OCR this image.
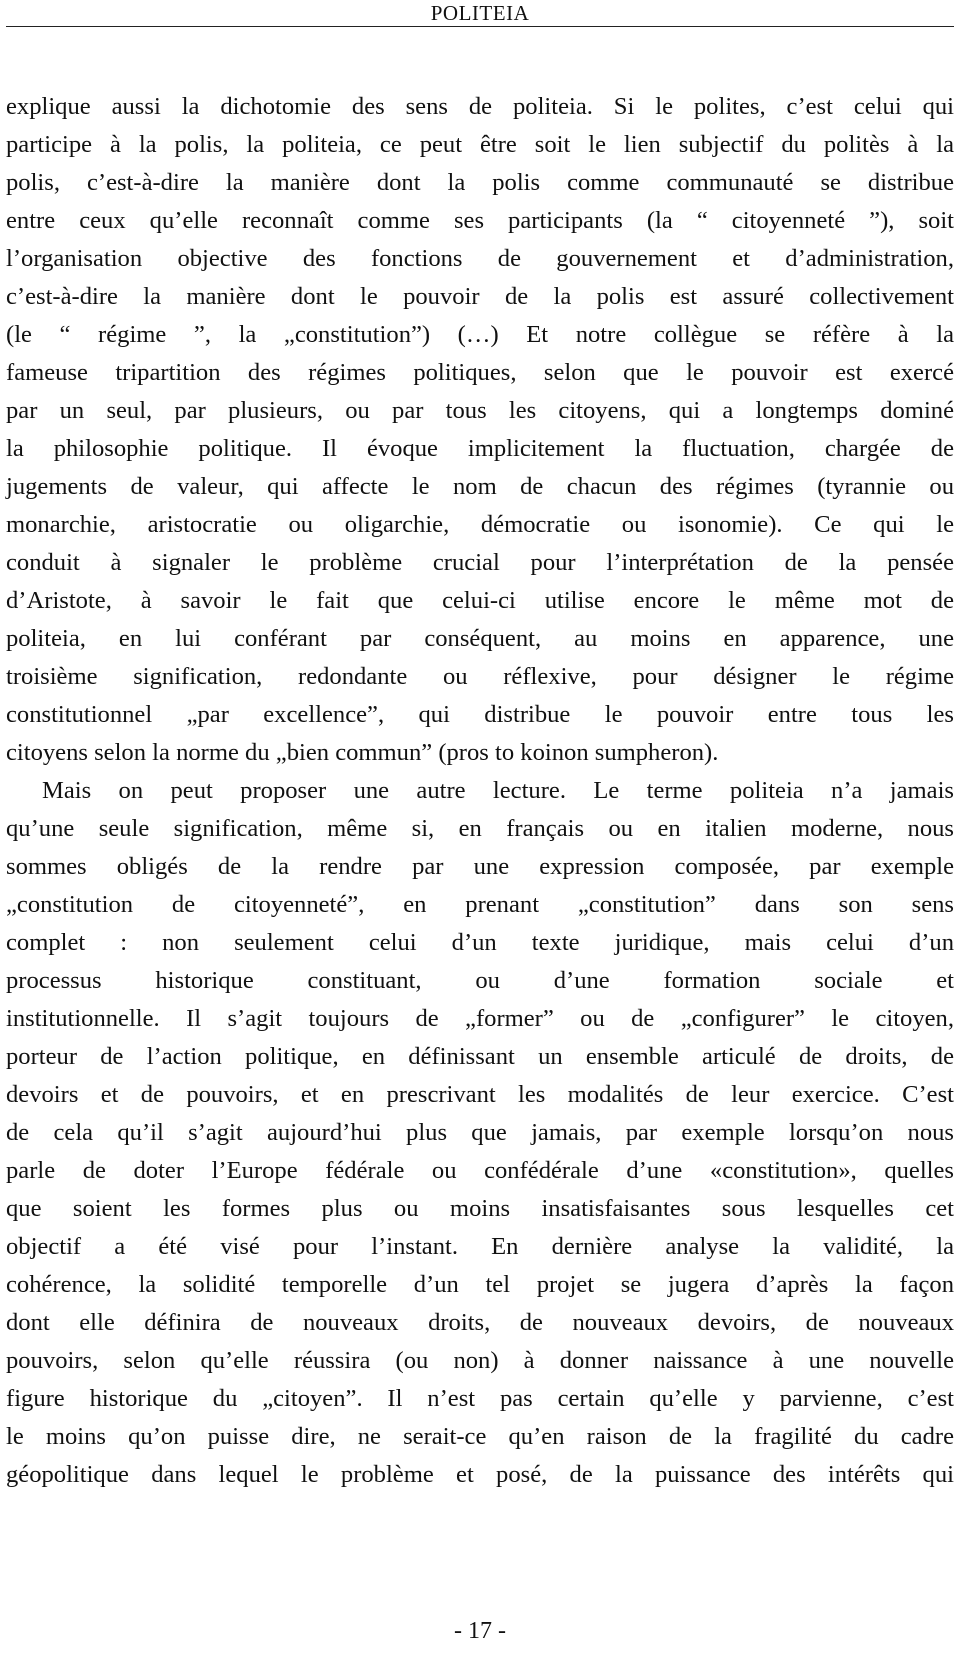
POLITEIA
explique aussi la dichotomie des sens de politeia. Si le polites, c’est celui qui
participe à la polis, la politeia, ce peut être soit le lien subjectif du politès à la
polis, c’est-à-dire la manière dont la polis comme communauté se distribue
entre ceux qu’elle reconnaît comme ses participants (la “ citoyenneté ”), soit
l’organisation objective des fonctions de gouvernement et d’administration,
c’est-à-dire la manière dont le pouvoir de la polis est assuré collectivement
(le “ régime ”, la „constitution”) (…) Et notre collègue se réfère à la
fameuse tripartition des régimes politiques, selon que le pouvoir est exercé
par un seul, par plusieurs, ou par tous les citoyens, qui a longtemps dominé
la philosophie politique. Il évoque implicitement la fluctuation, chargée de
jugements de valeur, qui affecte le nom de chacun des régimes (tyrannie ou
monarchie, aristocratie ou oligarchie, démocratie ou isonomie). Ce qui le
conduit à signaler le problème crucial pour l’interprétation de la pensée
d’Aristote, à savoir le fait que celui-ci utilise encore le même mot de
politeia, en lui conférant par conséquent, au moins en apparence, une
troisième signification, redondante ou réflexive, pour désigner le régime
constitutionnel „par excellence”, qui distribue le pouvoir entre tous les
citoyens selon la norme du „bien commun” (pros to koinon sumpheron).
Mais on peut proposer une autre lecture. Le terme politeia n’a jamais
qu’une seule signification, même si, en français ou en italien moderne, nous
sommes obligés de la rendre par une expression composée, par exemple
„constitution de citoyenneté”, en prenant „constitution” dans son sens
complet : non seulement celui d’un texte juridique, mais celui d’un
processus historique constituant, ou d’une formation sociale et
institutionnelle. Il s’agit toujours de „former” ou de „configurer” le citoyen,
porteur de l’action politique, en définissant un ensemble articulé de droits, de
devoirs et de pouvoirs, et en prescrivant les modalités de leur exercice. C’est
de cela qu’il s’agit aujourd’hui plus que jamais, par exemple lorsqu’on nous
parle de doter l’Europe fédérale ou confédérale d’une «constitution», quelles
que soient les formes plus ou moins insatisfaisantes sous lesquelles cet
objectif a été visé pour l’instant. En dernière analyse la validité, la
cohérence, la solidité temporelle d’un tel projet se jugera d’après la façon
dont elle définira de nouveaux droits, de nouveaux devoirs, de nouveaux
pouvoirs, selon qu’elle réussira (ou non) à donner naissance à une nouvelle
figure historique du „citoyen”. Il n’est pas certain qu’elle y parvienne, c’est
le moins qu’on puisse dire, ne serait-ce qu’en raison de la fragilité du cadre
géopolitique dans lequel le problème et posé, de la puissance des intérêts qui
- 17 -
